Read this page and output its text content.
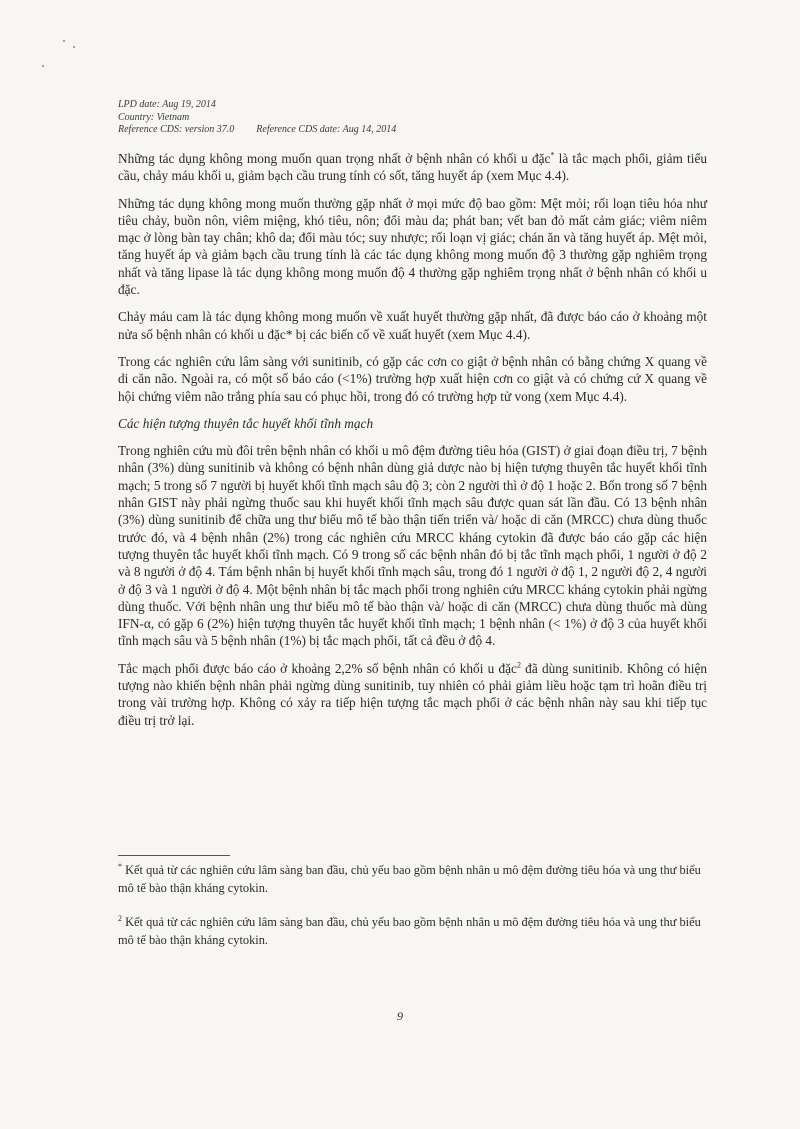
LPD date: Aug 19, 2014
Country: Vietnam
Reference CDS: version 37.0 Reference CDS date: Aug 14, 2014

Những tác dụng không mong muốn quan trọng nhất ở bệnh nhân có khối u đặc* là tắc mạch phổi, giảm tiểu cầu, chảy máu khối u, giảm bạch cầu trung tính có sốt, tăng huyết áp (xem Mục 4.4).

Những tác dụng không mong muốn thường gặp nhất ở mọi mức độ bao gồm: Mệt mỏi; rối loạn tiêu hóa như tiêu chảy, buồn nôn, viêm miệng, khó tiêu, nôn; đổi màu da; phát ban; vết ban đỏ mất cảm giác; viêm niêm mạc ở lòng bàn tay chân; khô da; đổi màu tóc; suy nhược; rối loạn vị giác; chán ăn và tăng huyết áp. Mệt mỏi, tăng huyết áp và giảm bạch cầu trung tính là các tác dụng không mong muốn độ 3 thường gặp nghiêm trọng nhất và tăng lipase là tác dụng không mong muốn độ 4 thường gặp nghiêm trọng nhất ở bệnh nhân có khối u đặc.

Chảy máu cam là tác dụng không mong muốn về xuất huyết thường gặp nhất, đã được báo cáo ở khoảng một nửa số bệnh nhân có khối u đặc* bị các biến cố về xuất huyết (xem Mục 4.4).

Trong các nghiên cứu lâm sàng với sunitinib, có gặp các cơn co giật ở bệnh nhân có bằng chứng X quang về di căn não. Ngoài ra, có một số báo cáo (<1%) trường hợp xuất hiện cơn co giật và có chứng cứ X quang về hội chứng viêm não trắng phía sau có phục hồi, trong đó có trường hợp tử vong (xem Mục 4.4).

Các hiện tượng thuyên tắc huyết khối tĩnh mạch

Trong nghiên cứu mù đôi trên bệnh nhân có khối u mô đệm đường tiêu hóa (GIST) ở giai đoạn điều trị, 7 bệnh nhân (3%) dùng sunitinib và không có bệnh nhân dùng giả dược nào bị hiện tượng thuyên tắc huyết khối tĩnh mạch; 5 trong số 7 người bị huyết khối tĩnh mạch sâu độ 3; còn 2 người thì ở độ 1 hoặc 2. Bốn trong số 7 bệnh nhân GIST này phải ngừng thuốc sau khi huyết khối tĩnh mạch sâu được quan sát lần đầu. Có 13 bệnh nhân (3%) dùng sunitinib để chữa ung thư biểu mô tế bào thận tiến triển và/ hoặc di căn (MRCC) chưa dùng thuốc trước đó, và 4 bệnh nhân (2%) trong các nghiên cứu MRCC kháng cytokin đã được báo cáo gặp các hiện tượng thuyên tắc huyết khối tĩnh mạch. Có 9 trong số các bệnh nhân đó bị tắc tĩnh mạch phổi, 1 người ở độ 2 và 8 người ở độ 4. Tám bệnh nhân bị huyết khối tĩnh mạch sâu, trong đó 1 người ở độ 1, 2 người độ 2, 4 người ở độ 3 và 1 người ở độ 4. Một bệnh nhân bị tắc mạch phổi trong nghiên cứu MRCC kháng cytokin phải ngừng dùng thuốc. Với bệnh nhân ung thư biểu mô tế bào thận và/ hoặc di căn (MRCC) chưa dùng thuốc mà dùng IFN-α, có gặp 6 (2%) hiện tượng thuyên tắc huyết khối tĩnh mạch; 1 bệnh nhân (< 1%) ở độ 3 của huyết khối tĩnh mạch sâu và 5 bệnh nhân (1%) bị tắc mạch phổi, tất cả đều ở độ 4.

Tắc mạch phổi được báo cáo ở khoảng 2,2% số bệnh nhân có khối u đặc$^2$ đã dùng sunitinib. Không có hiện tượng nào khiến bệnh nhân phải ngừng dùng sunitinib, tuy nhiên có phải giảm liều hoặc tạm trì hoãn điều trị trong vài trường hợp. Không có xảy ra tiếp hiện tượng tắc mạch phổi ở các bệnh nhân này sau khi tiếp tục điều trị trở lại.

* Kết quả từ các nghiên cứu lâm sàng ban đầu, chủ yếu bao gồm bệnh nhân u mô đệm đường tiêu hóa và ung thư biểu mô tế bào thận kháng cytokin.

$^2$ Kết quả từ các nghiên cứu lâm sàng ban đầu, chủ yếu bao gồm bệnh nhân u mô đệm đường tiêu hóa và ung thư biểu mô tế bào thận kháng cytokin.

9
